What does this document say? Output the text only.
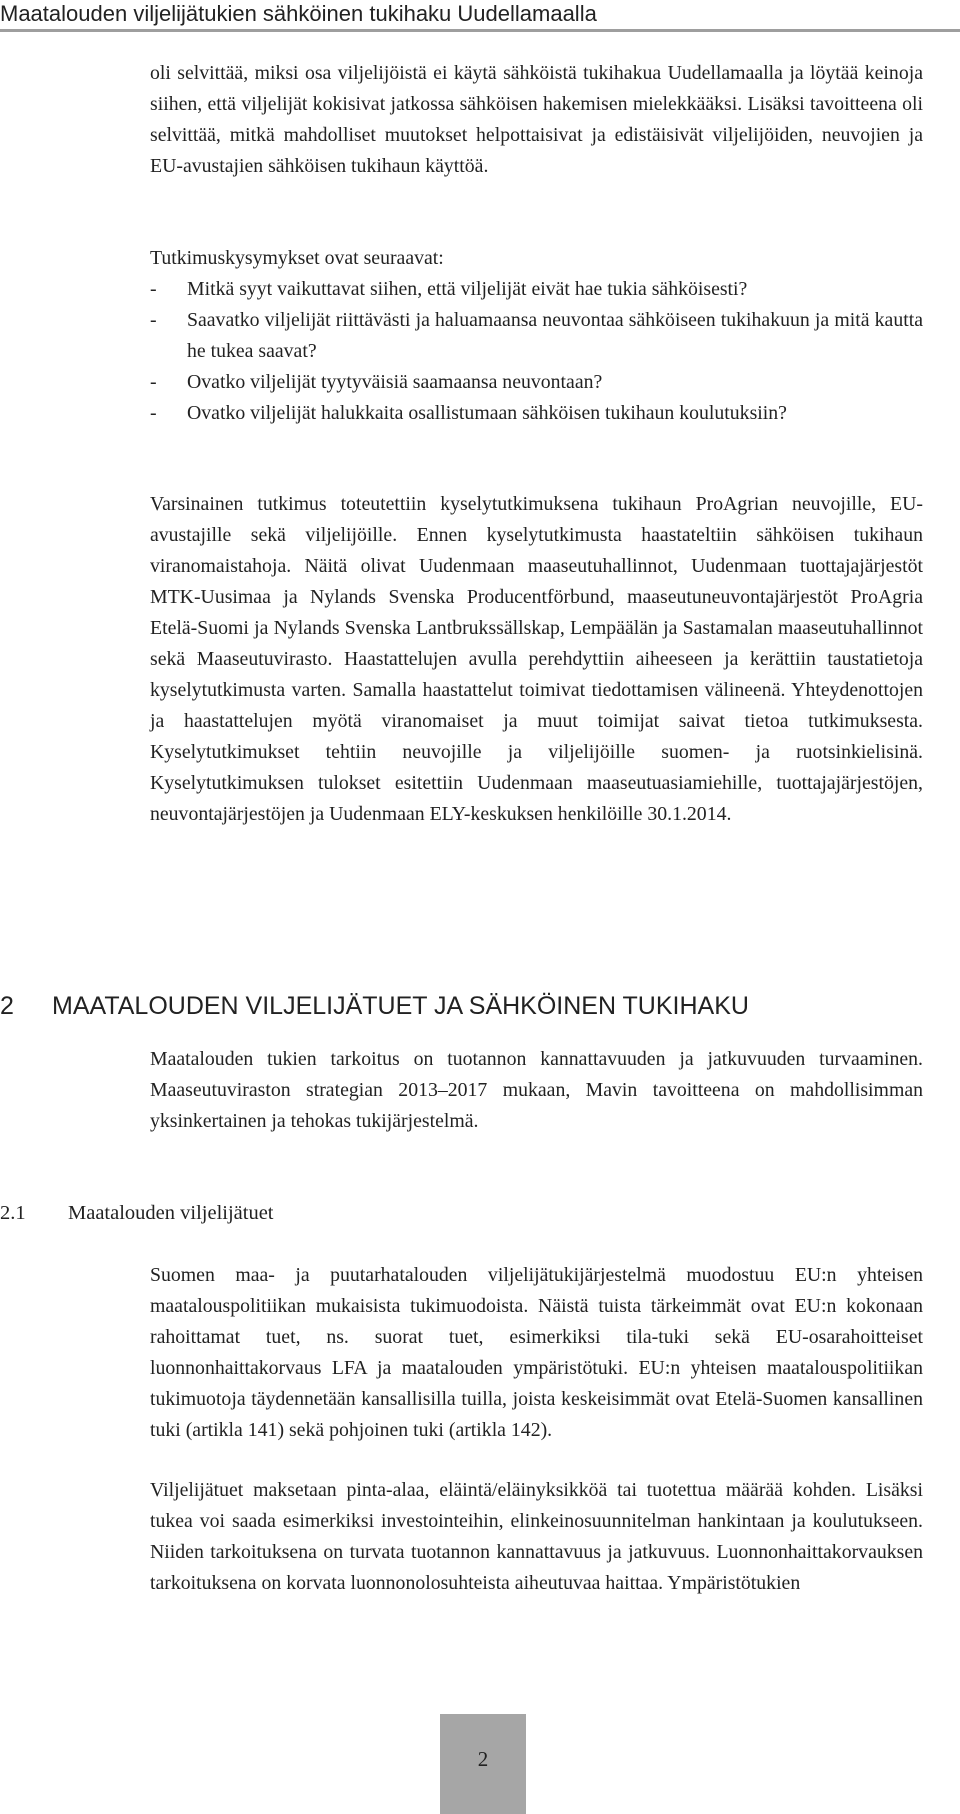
Maatalouden viljelijätukien sähköinen tukihaku Uudellamaalla

oli selvittää, miksi osa viljelijöistä ei käytä sähköistä tukihakua Uudellamaalla ja löytää keinoja siihen, että viljelijät kokisivat jatkossa sähköisen hakemisen mielekkääksi. Lisäksi tavoitteena oli selvittää, mitkä mahdolliset muutokset helpottaisivat ja edistäisivät viljelijöiden, neuvojien ja EU-avustajien sähköisen tukihaun käyttöä.

Tutkimuskysymykset ovat seuraavat:

- Mitkä syyt vaikuttavat siihen, että viljelijät eivät hae tukia sähköisesti?
- Saavatko viljelijät riittävästi ja haluamaansa neuvontaa sähköiseen tukihakuun ja mitä kautta he tukea saavat?
- Ovatko viljelijät tyytyväisiä saamaansa neuvontaan?
- Ovatko viljelijät halukkaita osallistumaan sähköisen tukihaun koulutuksiin?

Varsinainen tutkimus toteutettiin kyselytutkimuksena tukihaun ProAgrian neuvojille, EU-avustajille sekä viljelijöille. Ennen kyselytutkimusta haastateltiin sähköisen tukihaun viranomaistahoja. Näitä olivat Uudenmaan maaseutuhallinnot, Uudenmaan tuottajajärjestöt MTK-Uusimaa ja Nylands Svenska Producentförbund, maaseutuneuvontajärjestöt ProAgria Etelä-Suomi ja Nylands Svenska Lantbrukssällskap, Lempäälän ja Sastamalan maaseutuhallinnot sekä Maaseutuvirasto. Haastattelujen avulla perehdyttiin aiheeseen ja kerättiin taustatietoja kyselytutkimusta varten. Samalla haastattelut toimivat tiedottamisen välineenä. Yhteydenottojen ja haastattelujen myötä viranomaiset ja muut toimijat saivat tietoa tutkimuksesta. Kyselytutkimukset tehtiin neuvojille ja viljelijöille suomen- ja ruotsinkielisinä. Kyselytutkimuksen tulokset esitettiin Uudenmaan maaseutuasiamiehille, tuottajajärjestöjen, neuvontajärjestöjen ja Uudenmaan ELY-keskuksen henkilöille 30.1.2014.

2 MAATALOUDEN VILJELIJÄTUET JA SÄHKÖINEN TUKIHAKU

Maatalouden tukien tarkoitus on tuotannon kannattavuuden ja jatkuvuuden turvaaminen. Maaseutuviraston strategian 2013–2017 mukaan, Mavin tavoitteena on mahdollisimman yksinkertainen ja tehokas tukijärjestelmä.

2.1 Maatalouden viljelijätuet

Suomen maa- ja puutarhatalouden viljelijätukijärjestelmä muodostuu EU:n yhteisen maatalouspolitiikan mukaisista tukimuodoista. Näistä tuista tärkeimmät ovat EU:n kokonaan rahoittamat tuet, ns. suorat tuet, esimerkiksi tila-tuki sekä EU-osarahoitteiset luonnonhaittakorvaus LFA ja maatalouden ympäristötuki. EU:n yhteisen maatalouspolitiikan tukimuotoja täydennetään kansallisilla tuilla, joista keskeisimmät ovat Etelä-Suomen kansallinen tuki (artikla 141) sekä pohjoinen tuki (artikla 142).

Viljelijätuet maksetaan pinta-alaa, eläintä/eläinyksikköä tai tuotettua määrää kohden. Lisäksi tukea voi saada esimerkiksi investointeihin, elinkeinosuunnitelman hankintaan ja koulutukseen. Niiden tarkoituksena on turvata tuotannon kannattavuus ja jatkuvuus. Luonnonhaittakorvauksen tarkoituksena on korvata luonnonolosuhteista aiheutuvaa haittaa. Ympäristötukien

2
